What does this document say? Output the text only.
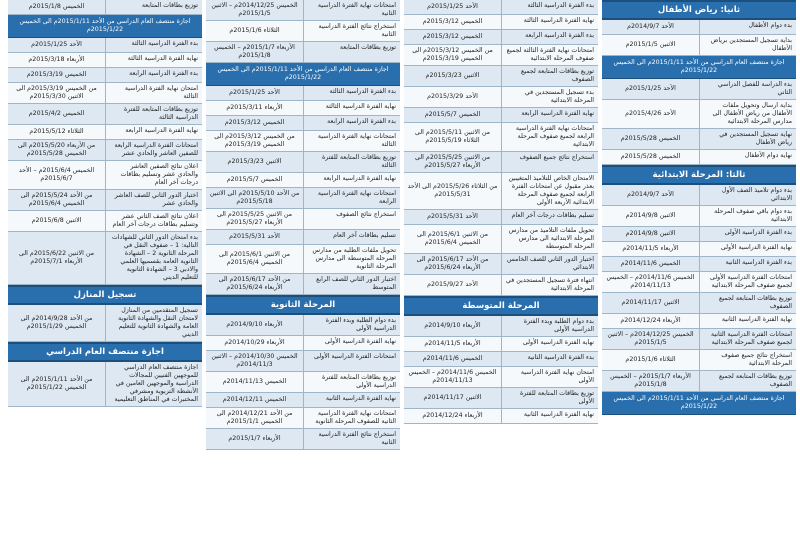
ثانيا: رياض الأطفال
بدء دوام الأطفال
الأحد 2014/9/7م
بداية تسجيل المستجدين برياض الأطفال
الاثنين 2015/1/5م
اجازة منتصف العام الدراسي من الأحد 2015/1/11م الى الخميس 2015/1/22م
بدء الدراسة للفصل الدراسي الثاني
الأحد 2015/1/25م
بداية ارسال وتحويل ملفات الأطفال من رياض الأطفال الى مدارس المرحلة الابتدائية
الأحد 2015/4/26م
نهاية تسجيل المستجدين في رياض الأطفال
الخميس 2015/5/28م
نهاية دوام الأطفال
الخميس 2015/5/28م
ثالثا: المرحلة الابتدائية
بدء دوام تلاميذ الصف الأول الابتدائي
الأحد 2014/9/7م
بدء دوام باقي صفوف المرحلة الابتدائية
الاثنين 2014/9/8م
بدء الفترة الدراسية الأولى
الاثنين 2014/9/8م
نهاية الفترة الدراسية الأولى
الأربعاء 2014/11/5م
بدء الفترة الدراسية الثانية
الخميس 2014/11/6م
امتحانات الفترة الدراسية الأولى لجميع صفوف المرحلة الابتدائية
الخميس 2014/11/6م – الخميس 2014/11/13م
توزيع بطاقات المتابعة لجميع الصفوف
الاثنين 2014/11/17م
نهاية الفترة الدراسية الثانية
الأربعاء 2014/12/24م
امتحانات الفترة الدراسية الثانية لجميع صفوف المرحلة الابتدائية
الخميس 2014/12/25م – الاثنين 2015/1/5م
استخراج نتائج جميع صفوف المرحلة الابتدائية
الثلاثاء 2015/1/6م
توزيع بطاقات المتابعة لجميع الصفوف
الأربعاء 2015/1/7م – الخميس 2015/1/8م
اجازة منتصف العام الدراسي من الأحد 2015/1/11م الى الخميس 2015/1/22م
بدء الفترة الدراسية الثالثة
الأحد 2015/1/25م
نهاية الفترة الدراسية الثالثة
الخميس 2015/3/12م
بدء الفترة الدراسية الرابعة
الخميس 2015/3/12م
امتحانات نهاية الفترة الثالثة لجميع صفوف المرحلة الابتدائية
من الخميس 2015/3/12م الى الخميس 2015/3/19م
توزيع بطاقات المتابعة لجميع الصفوف
الاثنين 2015/3/23م
بدء تسجيل المستجدين في المرحلة الابتدائية
الأحد 2015/3/29م
نهاية الفترة الدراسية الرابعة
الخميس 2015/5/7م
امتحانات نهاية الفترة الدراسية الرابعة لجميع صفوف المرحلة الابتدائية
من الاثنين 2015/5/11م الى الثلاثاء 2015/5/19م
استخراج نتائج جميع الصفوف
من الاثنين 2015/5/25م الى الأربعاء 2015/5/27م
الامتحان الخاص للتلاميذ المتغيبين بعذر مقبول عن امتحانات الفترة الرابعة لجميع صفوف المرحلة الابتدائية الأربعة الأولى
من الثلاثاء 2015/5/26م الى الأحد 2015/5/31م
تسليم بطاقات درجات آخر العام
الأحد 2015/5/31م
تحويل ملفات التلاميذ من مدارس المرحلة الابتدائية الى مدارس المرحلة المتوسطة
من الاثنين 2015/6/1م الى الخميس 2015/6/4م
اختبار الدور الثاني للصف الخامس الابتدائي
من الأحد 2015/6/17م الى الأربعاء 2015/6/24م
انتهاء فترة تسجيل المستجدين في المرحلة الابتدائية
الأحد 2015/9/27م
المرحلة المتوسطة
بدء دوام الطلبة وبدء الفترة الدراسية الأولى
الأربعاء 2014/9/10م
نهاية الفترة الدراسية الأولى
الأربعاء 2014/11/5م
بدء الفترة الدراسية الثانية
الخميس 2014/11/6م
امتحان نهاية الفترة الدراسية الأولى
الخميس 2014/11/6م – الخميس 2014/11/13م
توزيع بطاقات المتابعة للفترة الأولى
الاثنين 2014/11/17م
نهاية الفترة الدراسية الثانية
الأربعاء 2014/12/24م
امتحانات نهاية الفترة الدراسية الثانية
الخميس 2014/12/25م – الاثنين 2015/1/5م
استخراج نتائج الفترة الدراسية الثانية
الثلاثاء 2015/1/6م
توزيع بطاقات المتابعة
الأربعاء 2015/1/7م – الخميس 2015/1/8م
اجازة منتصف العام الدراسي من الأحد 2015/1/11م الى الخميس 2015/1/22م
بدء الفترة الدراسية الثالثة
الأحد 2015/1/25م
نهاية الفترة الدراسية الثالثة
الأربعاء 2015/3/11م
بدء الفترة الدراسية الرابعة
الخميس 2015/3/12م
امتحانات نهاية الفترة الدراسية الثالثة
من الخميس 2015/3/12م الى الخميس 2015/3/19م
توزيع بطاقات المتابعة للفترة الثالثة
الاثنين 2015/3/23م
نهاية الفترة الدراسية الرابعة
الخميس 2015/5/7م
امتحانات نهاية الفترة الدراسية الرابعة
من الأحد 2015/5/10م الى الاثنين 2015/5/18م
استخراج نتائج الصفوف
من الاثنين 2015/5/25م الى الأربعاء 2015/5/27م
تسليم بطاقات آخر العام
الأحد 2015/5/31م
تحويل ملفات الطلبة من مدارس المرحلة المتوسطة الى مدارس المرحلة الثانوية
من الاثنين 2015/6/1م الى الخميس 2015/6/4م
اختبار الدور الثاني للصف الرابع المتوسط
من الأحد 2015/6/17م الى الأربعاء 2015/6/24م
المرحلة الثانوية
بدء دوام الطلبة وبدء الفترة الدراسية الأولى
الأربعاء 2014/9/10م
نهاية الفترة الدراسية الأولى
الأربعاء 2014/10/29م
امتحانات الفترة الدراسية الأولى
الخميس 2014/10/30م – الاثنين 2014/11/3م
توزيع بطاقات المتابعة للفترة الدراسية الأولى
الخميس 2014/11/13م
نهاية الفترة الدراسية الثانية
الخميس 2014/12/11م
امتحانات نهاية الفترة الدراسية الثانية للصفوف المرحلة الثانوية
من الأحد 2014/12/21م الى الخميس 2015/1/1م
استخراج نتائج الفترة الدراسية الثانية
الأربعاء 2015/1/7م
توزيع بطاقات المتابعة
الخميس 2015/1/8م
اجازة منتصف العام الدراسي من الأحد 2015/1/11م الى الخميس 2015/1/22م
بدء الفترة الدراسية الثالثة
الأحد 2015/1/25م
نهاية الفترة الدراسية الثالثة
الأربعاء 2015/3/18م
بدء الفترة الدراسية الرابعة
الخميس 2015/3/19م
امتحان نهاية الفترة الدراسية الثالثة
من الخميس 2015/3/19م الى الاثنين 2015/3/30م
توزيع بطاقات المتابعة للفترة الدراسية الثالثة
الخميس 2015/4/2م
نهاية الفترة الدراسية الرابعة
الثلاثاء 2015/5/12م
امتحانات الفترة الدراسية الرابعة للصفين العاشر والحادي عشر
من الأربعاء 2015/5/20م الى الخميس 2015/5/28م
اعلان نتائج الصفين العاشر والحادي عشر وتسليم بطاقات درجات آخر العام
الخميس 2015/6/4م – الأحد 2015/6/7م
اختبار الدور الثاني للصف العاشر والحادي عشر
من الأحد 2015/5/24م الى الخميس 2015/6/4م
اعلان نتائج الصف الثاني عشر وتسليم بطاقات درجات آخر العام
الاثنين 2015/6/8م
بدء امتحان الدور الثاني للشهادات التالية: 1 – صفوف النقل في المرحلة الثانوية 2 – الشهادة الثانوية العامة بقسميها العلمي والادبي 3 – الشهادة الثانوية للتعليم الديني
من الاثنين 2015/6/22م الى الأربعاء 2015/7/1م
تسجيل المنازل
تسجيل المتقدمين من المنازل لامتحان النقل والشهادة الثانوية العامة والشهادة الثانوية للتعليم الديني
من الأحد 2014/9/28م الى الخميس 2015/1/29م
اجازة منتصف العام الدراسي
اجازة منتصف العام الدراسي للموجهين الفنيين للمجالات الدراسية والموجهين العامين في الأنشطة التربوية ومشرفي المختبرات في المناطق التعليمية
من الأحد 2015/1/11م الى الخميس 2015/1/22م
